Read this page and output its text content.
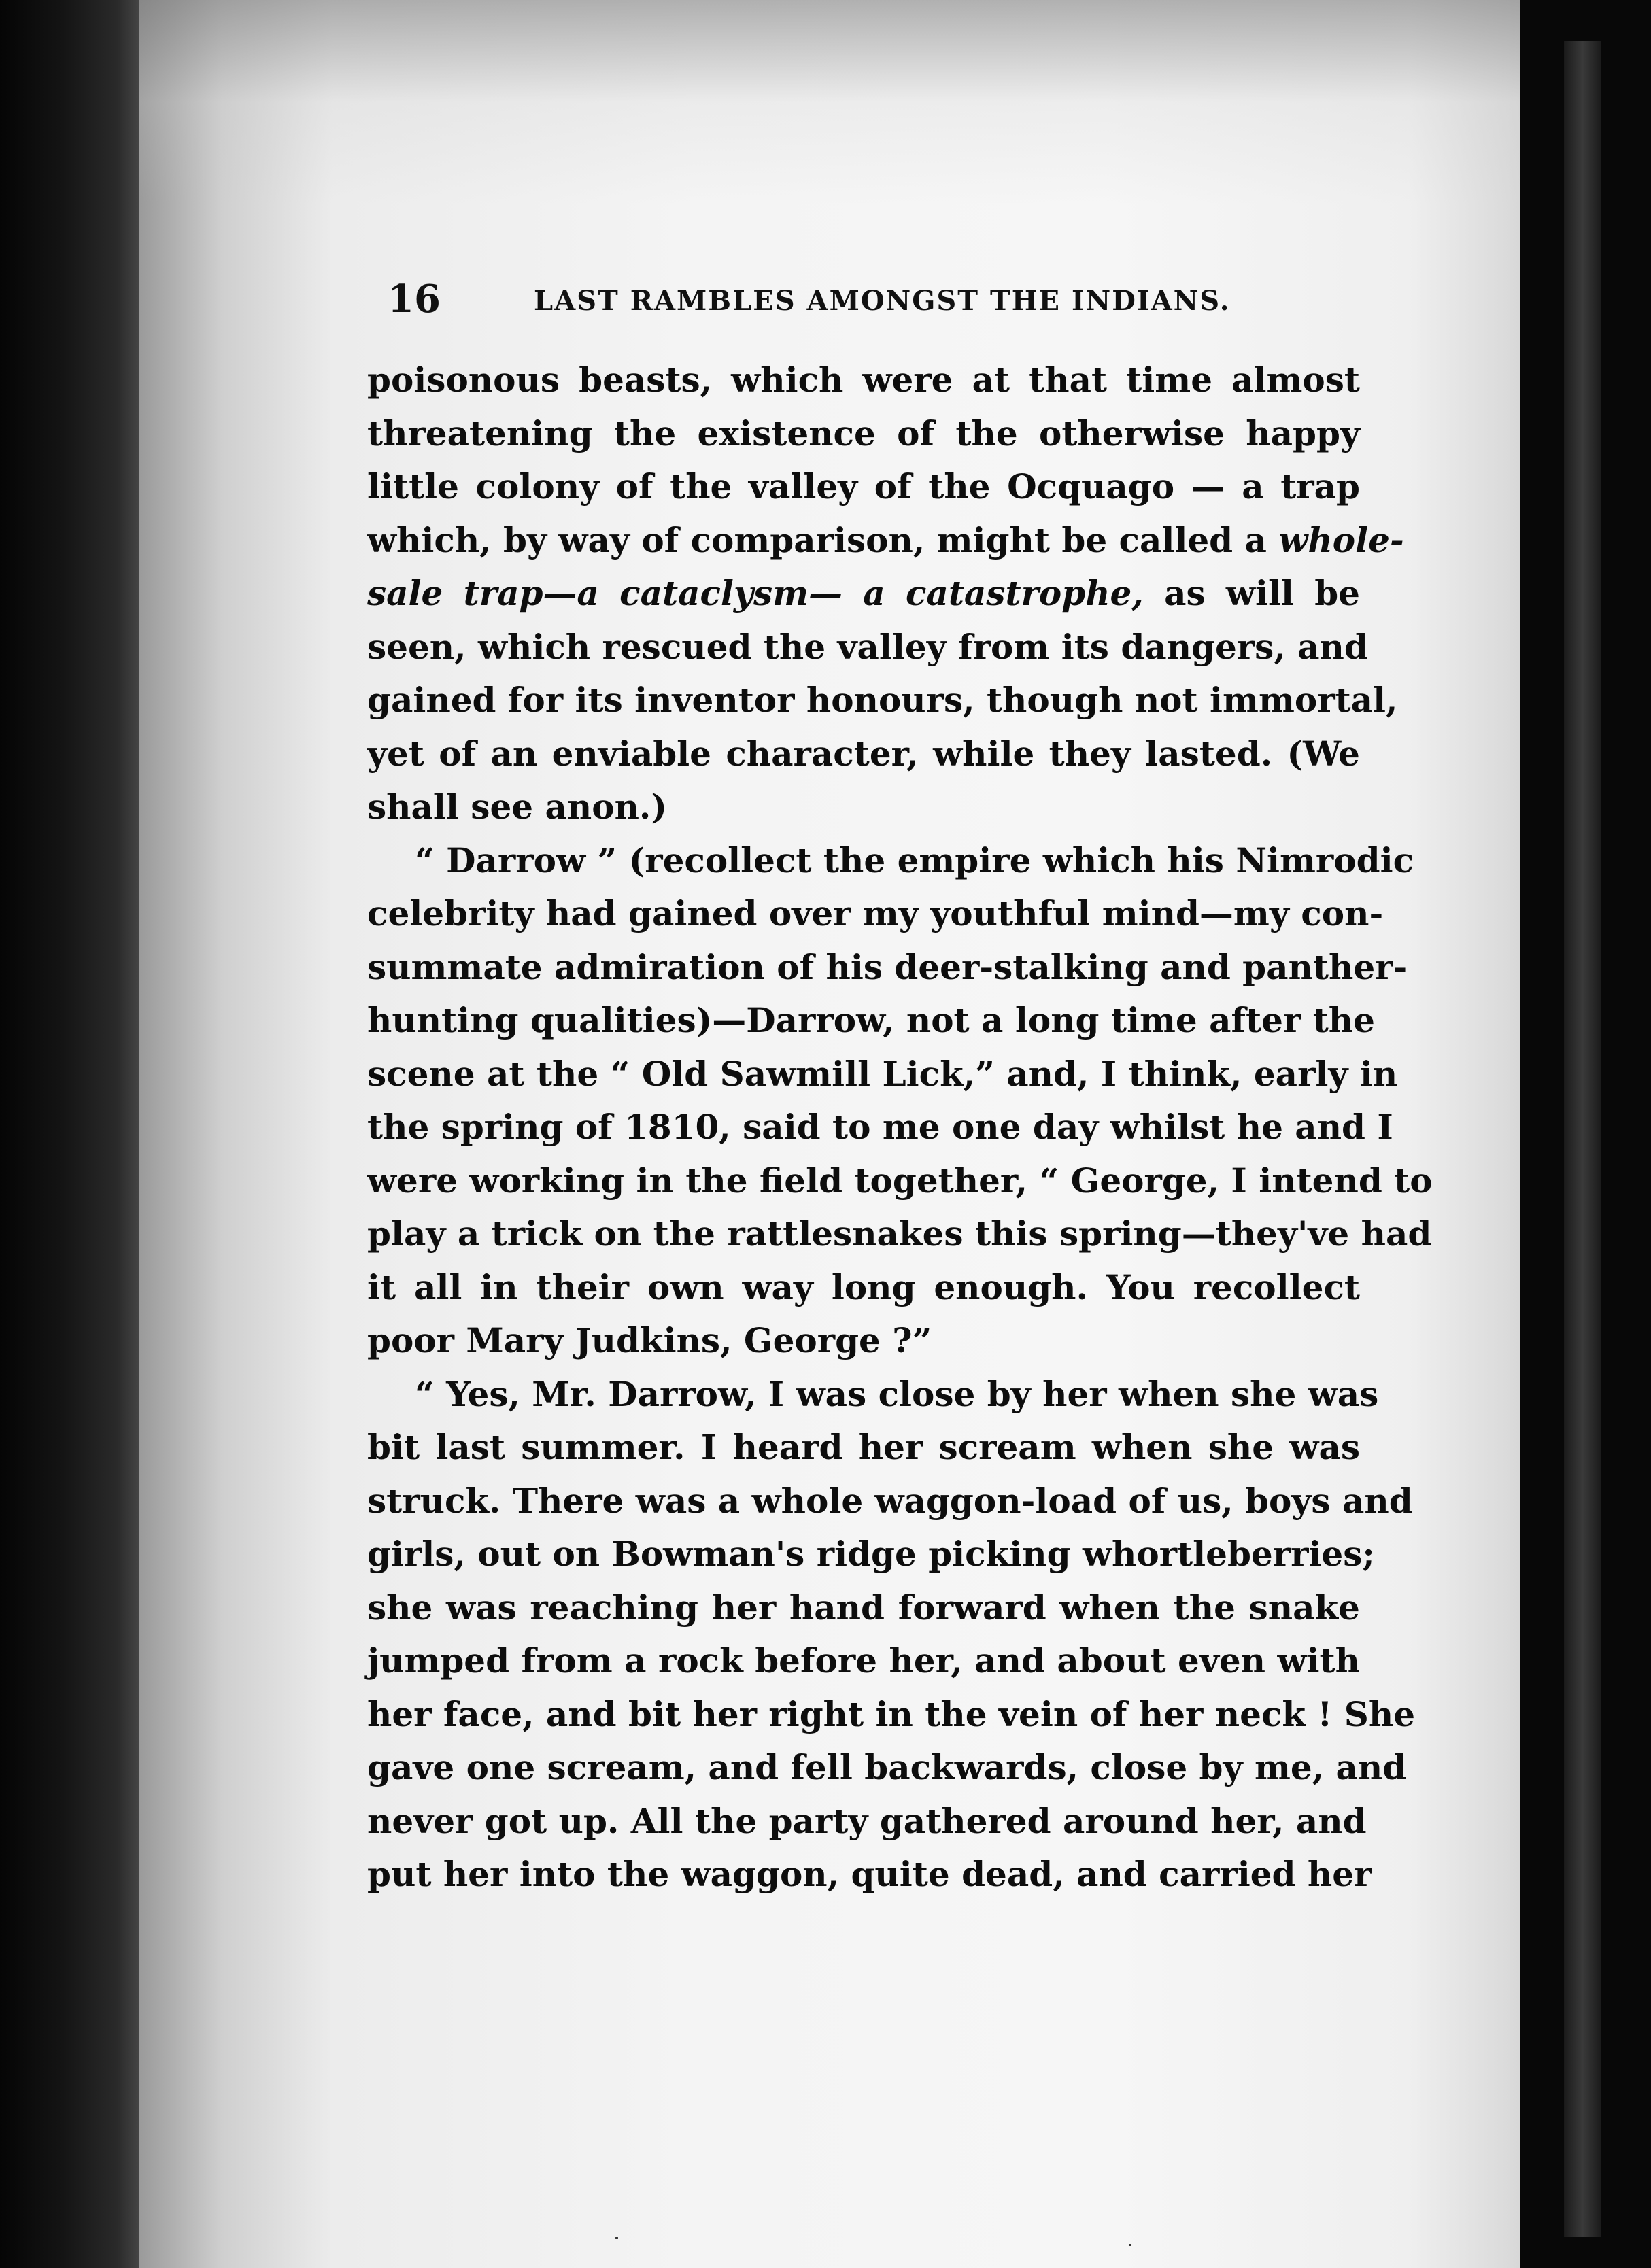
16	LAST RAMBLES AMONGST THE INDIANS.
poisonous beasts, which were at that time almost
threatening the existence of the otherwise happy
little colony of the valley of the Ocquago — a trap
which, by way of comparison, might be called a whole-
sale trap—a cataclysm— a catastrophe, as will be
seen, which rescued the valley from its dangers, and
gained for its inventor honours, though not immortal,
yet of an enviable character, while they lasted. (We
shall see anon.)
“ Darrow ” (recollect the empire which his Nimrodic
celebrity had gained over my youthful mind—my con-
summate admiration of his deer-stalking and panther-
hunting qualities)—Darrow, not a long time after the
scene at the “ Old Sawmill Lick,” and, I think, early in
the spring of 1810, said to me one day whilst he and I
were working in the field together, “ George, I intend to
play a trick on the rattlesnakes this spring—they've had
it all in their own way long enough. You recollect
poor Mary Judkins, George ?”
“ Yes, Mr. Darrow, I was close by her when she was
bit last summer. I heard her scream when she was
struck. There was a whole waggon-load of us, boys and
girls, out on Bowman's ridge picking whortleberries;
she was reaching her hand forward when the snake
jumped from a rock before her, and about even with
her face, and bit her right in the vein of her neck ! She
gave one scream, and fell backwards, close by me, and
never got up. All the party gathered around her, and
put her into the waggon, quite dead, and carried her
